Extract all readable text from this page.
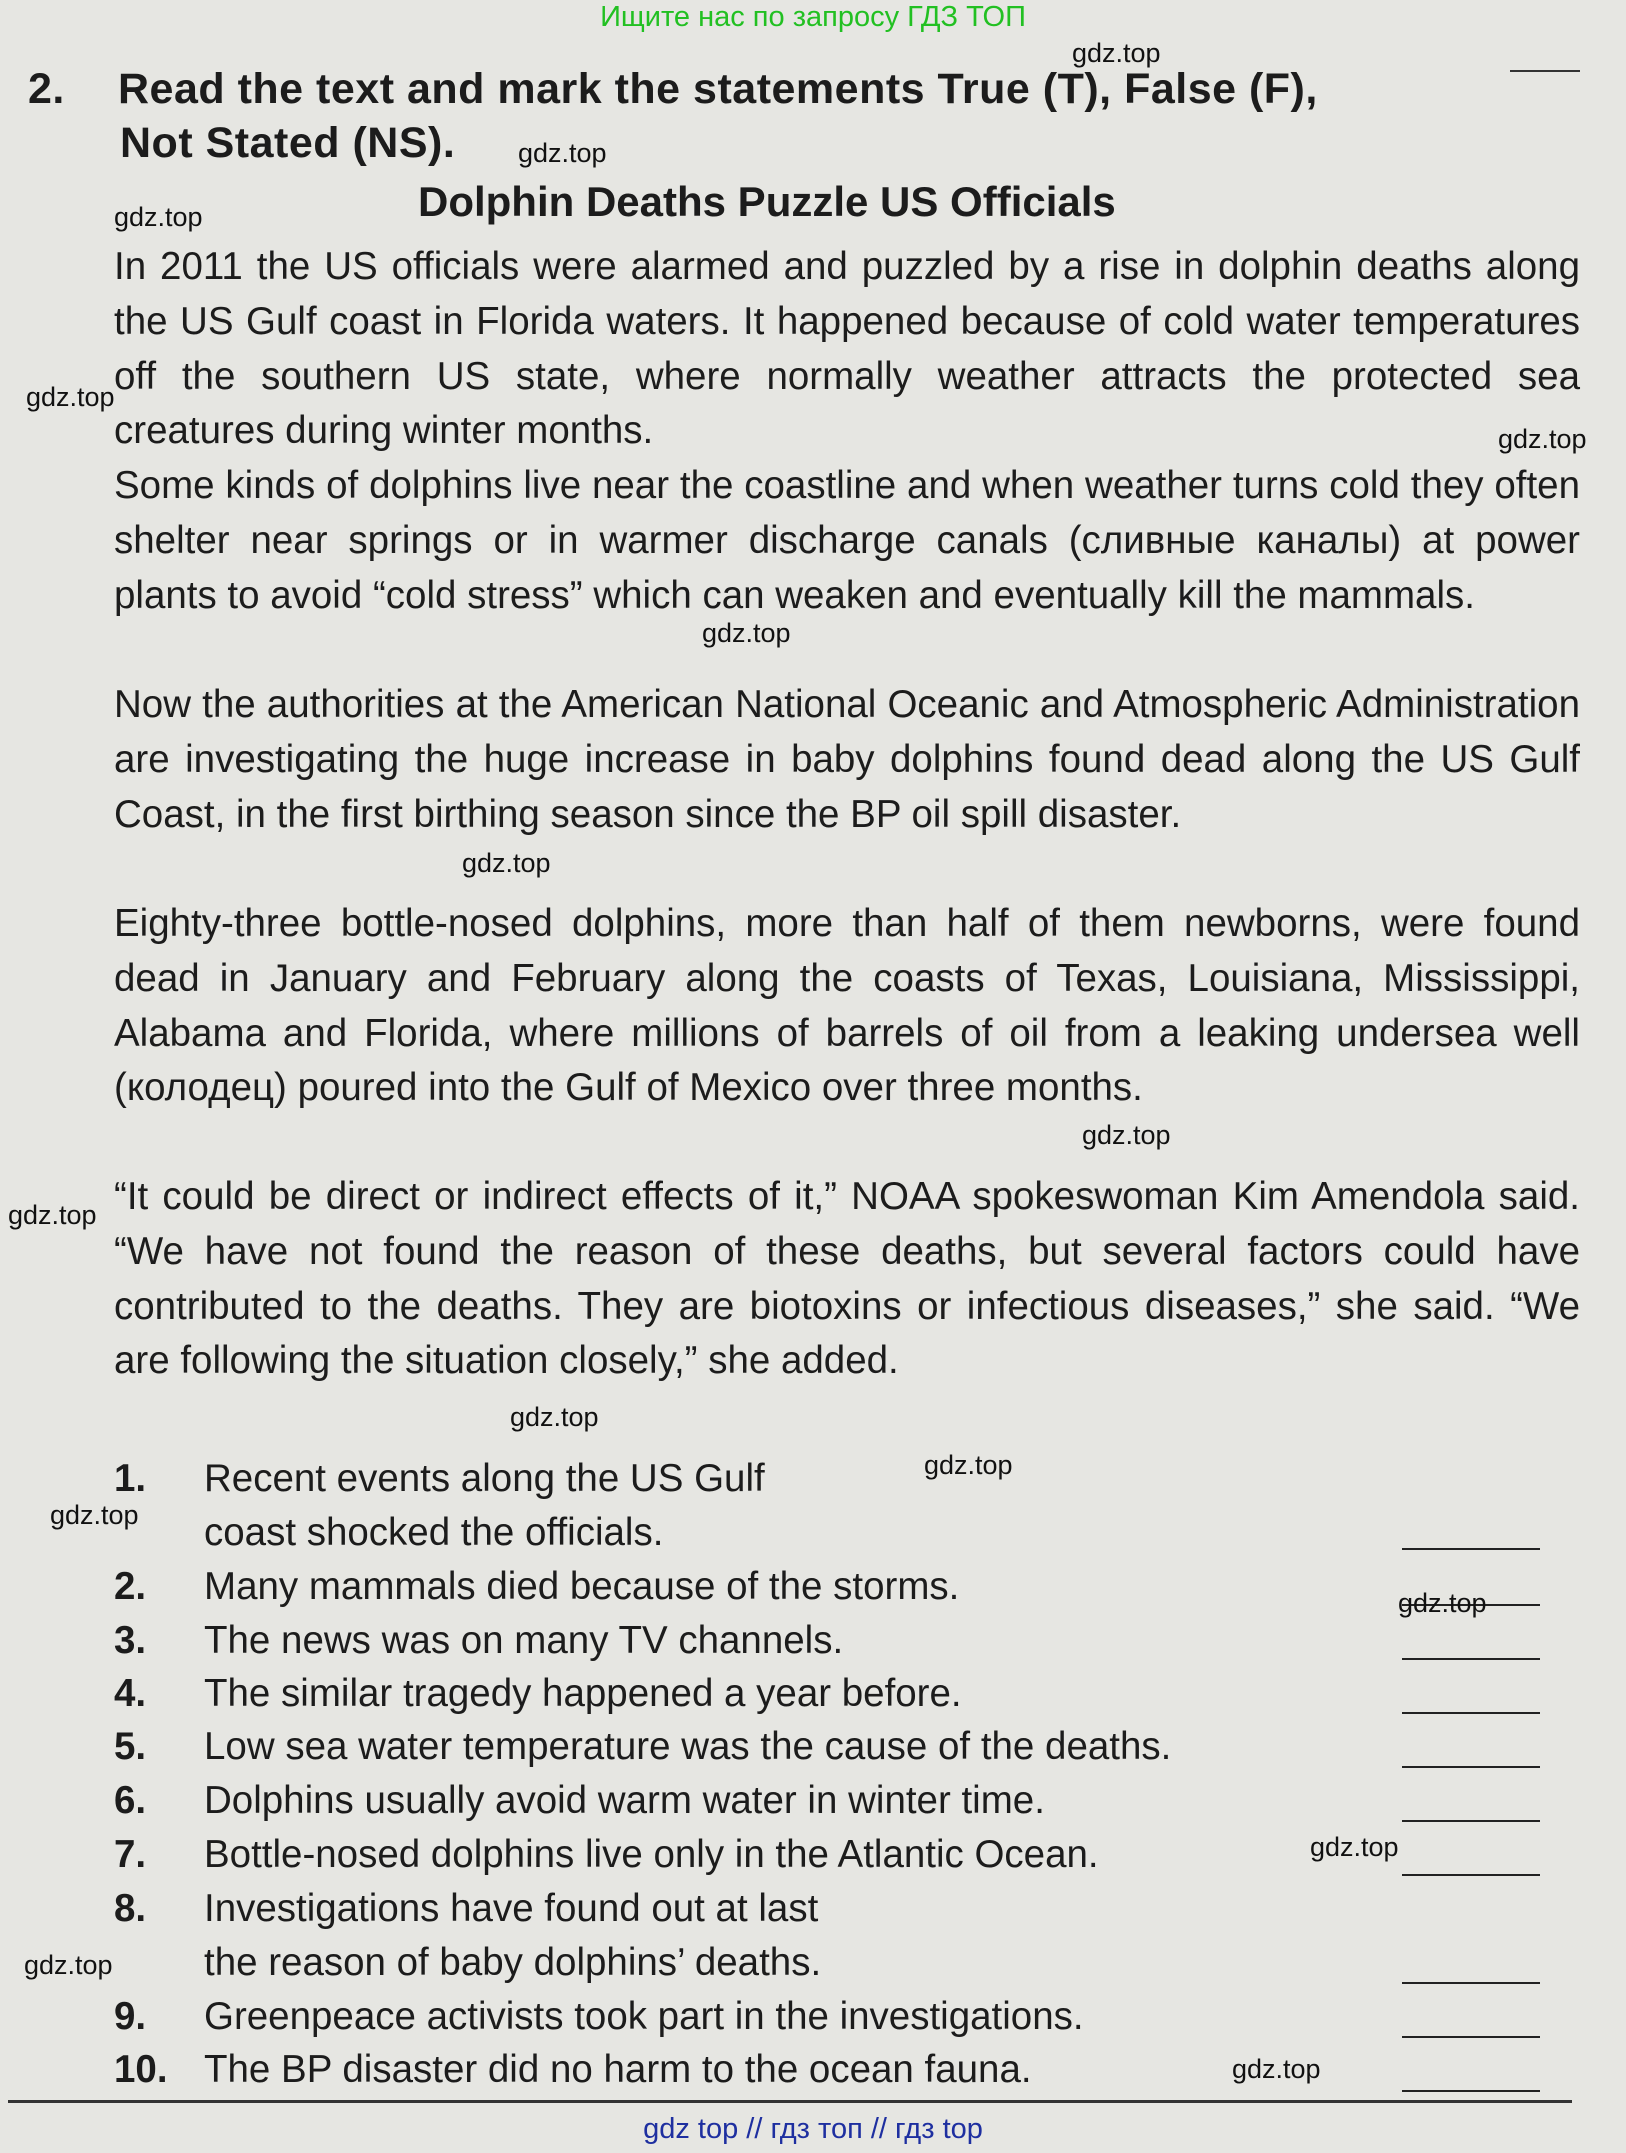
Ищите нас по запросу ГДЗ ТОП
2. Read the text and mark the statements True (T), False (F),
Not Stated (NS).
Dolphin Deaths Puzzle US Officials

In 2011 the US officials were alarmed and puzzled by a rise in dolphin deaths along the US Gulf coast in Florida waters. It happened because of cold water temperatures off the southern US state, where normally weather attracts the protected sea creatures during winter months.

Some kinds of dolphins live near the coastline and when weather turns cold they often shelter near springs or in warmer discharge canals (сливные каналы) at power plants to avoid “cold stress” which can weaken and eventually kill the mammals.

Now the authorities at the American National Oceanic and Atmospheric Administration are investigating the huge increase in baby dolphins found dead along the US Gulf Coast, in the first birthing season since the BP oil spill disaster.

Eighty-three bottle-nosed dolphins, more than half of them newborns, were found dead in January and February along the coasts of Texas, Louisiana, Mississippi, Alabama and Florida, where millions of barrels of oil from a leaking undersea well (колодец) poured into the Gulf of Mexico over three months.

“It could be direct or indirect effects of it,” NOAA spokeswoman Kim Amendola said. “We have not found the reason of these deaths, but several factors could have contributed to the deaths. They are biotoxins or infectious diseases,” she said. “We are following the situation closely,” she added.

1.	Recent events along the US Gulf
coast shocked the officials.
2.	Many mammals died because of the storms.
3.	The news was on many TV channels.
4.	The similar tragedy happened a year before.
5.	Low sea water temperature was the cause of the deaths.
6.	Dolphins usually avoid warm water in winter time.
7.	Bottle-nosed dolphins live only in the Atlantic Ocean.
8.	Investigations have found out at last
the reason of baby dolphins’ deaths.
9.	Greenpeace activists took part in the investigations.
10. The BP disaster did no harm to the ocean fauna.
gdz top // гдз топ // гдз top
gdz.top
gdz.top
gdz.top
gdz.top
gdz.top
gdz.top
gdz.top
gdz.top
gdz.top
gdz.top
gdz.top
gdz.top
gdz.top
gdz.top
gdz.top
gdz.top
